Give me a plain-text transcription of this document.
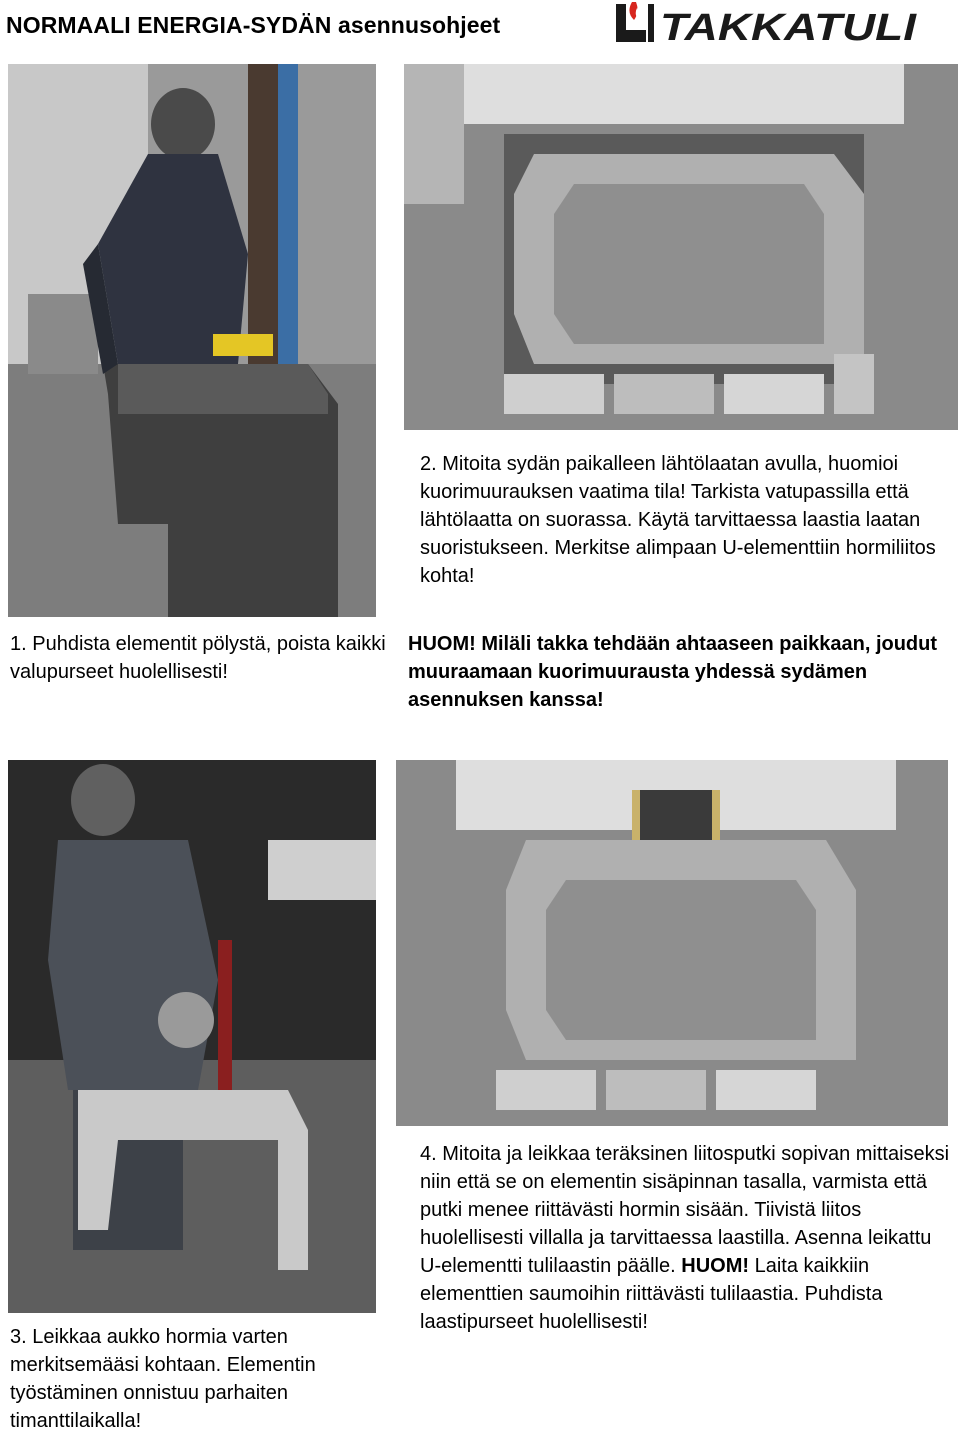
NORMAALI ENERGIA-SYDÄN asennusohjeet	TAKKATULI
2. Mitoita sydän paikalleen lähtölaatan avulla, huomioi kuorimuurauksen vaatima tila! Tarkista vatupassilla että lähtölaatta on suorassa. Käytä tarvittaessa laastia laatan suoristukseen. Merkitse alimpaan U-elementtiin hormiliitos kohta!
1. Puhdista elementit pölystä, poista kaikki valupurseet huolellisesti!
HUOM! Miläli takka tehdään ahtaaseen paikkaan, joudut muuraamaan kuorimuurausta yhdessä sydämen asennuksen kanssa!
4. Mitoita ja leikkaa teräksinen liitosputki sopivan mittaiseksi niin että se on elementin sisäpinnan tasalla, varmista että putki menee riittävästi hormin sisään. Tiivistä liitos huolellisesti villalla ja tarvittaessa laastilla. Asenna leikattu U-elementti tulilaastin päälle. HUOM! Laita kaikkiin elementtien saumoihin riittävästi tulilaastia. Puhdista laastipurseet huolellisesti!
3. Leikkaa aukko hormia varten merkitsemääsi kohtaan. Elementin työstäminen onnistuu parhaiten timanttilaikalla!
